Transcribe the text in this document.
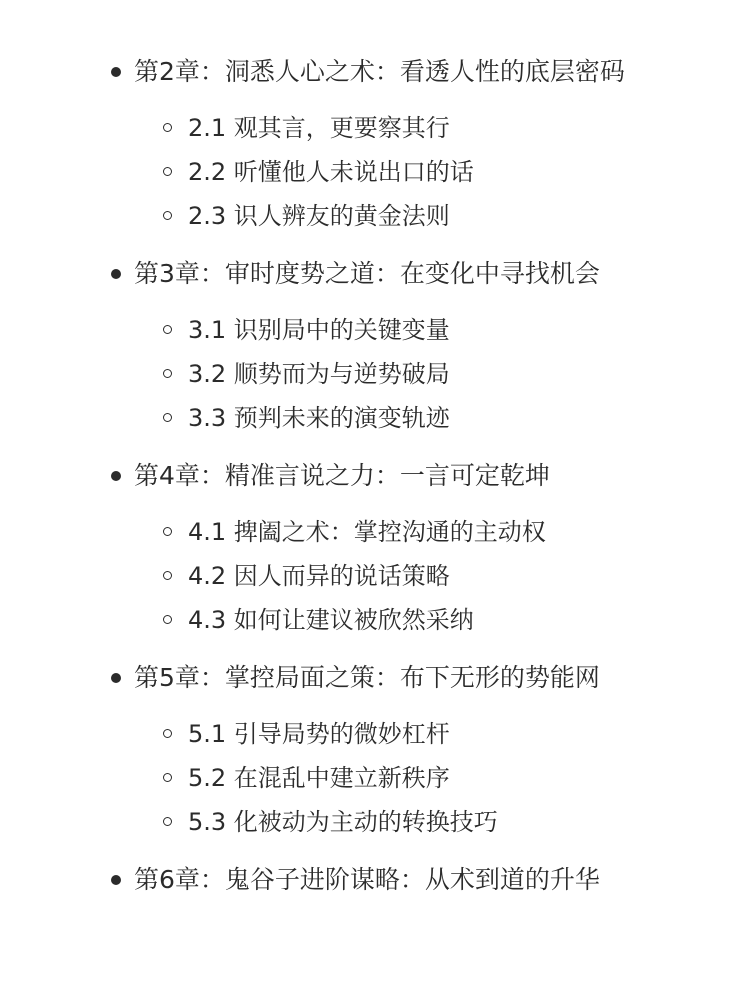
第2章：洞悉人心之术：看透人性的底层密码
2.1 观其言，更要察其行
2.2 听懂他人未说出口的话
2.3 识人辨友的黄金法则
第3章：审时度势之道：在变化中寻找机会
3.1 识别局中的关键变量
3.2 顺势而为与逆势破局
3.3 预判未来的演变轨迹
第4章：精准言说之力：一言可定乾坤
4.1 捭阖之术：掌控沟通的主动权
4.2 因人而异的说话策略
4.3 如何让建议被欣然采纳
第5章：掌控局面之策：布下无形的势能网
5.1 引导局势的微妙杠杆
5.2 在混乱中建立新秩序
5.3 化被动为主动的转换技巧
第6章：鬼谷子进阶谋略：从术到道的升华
